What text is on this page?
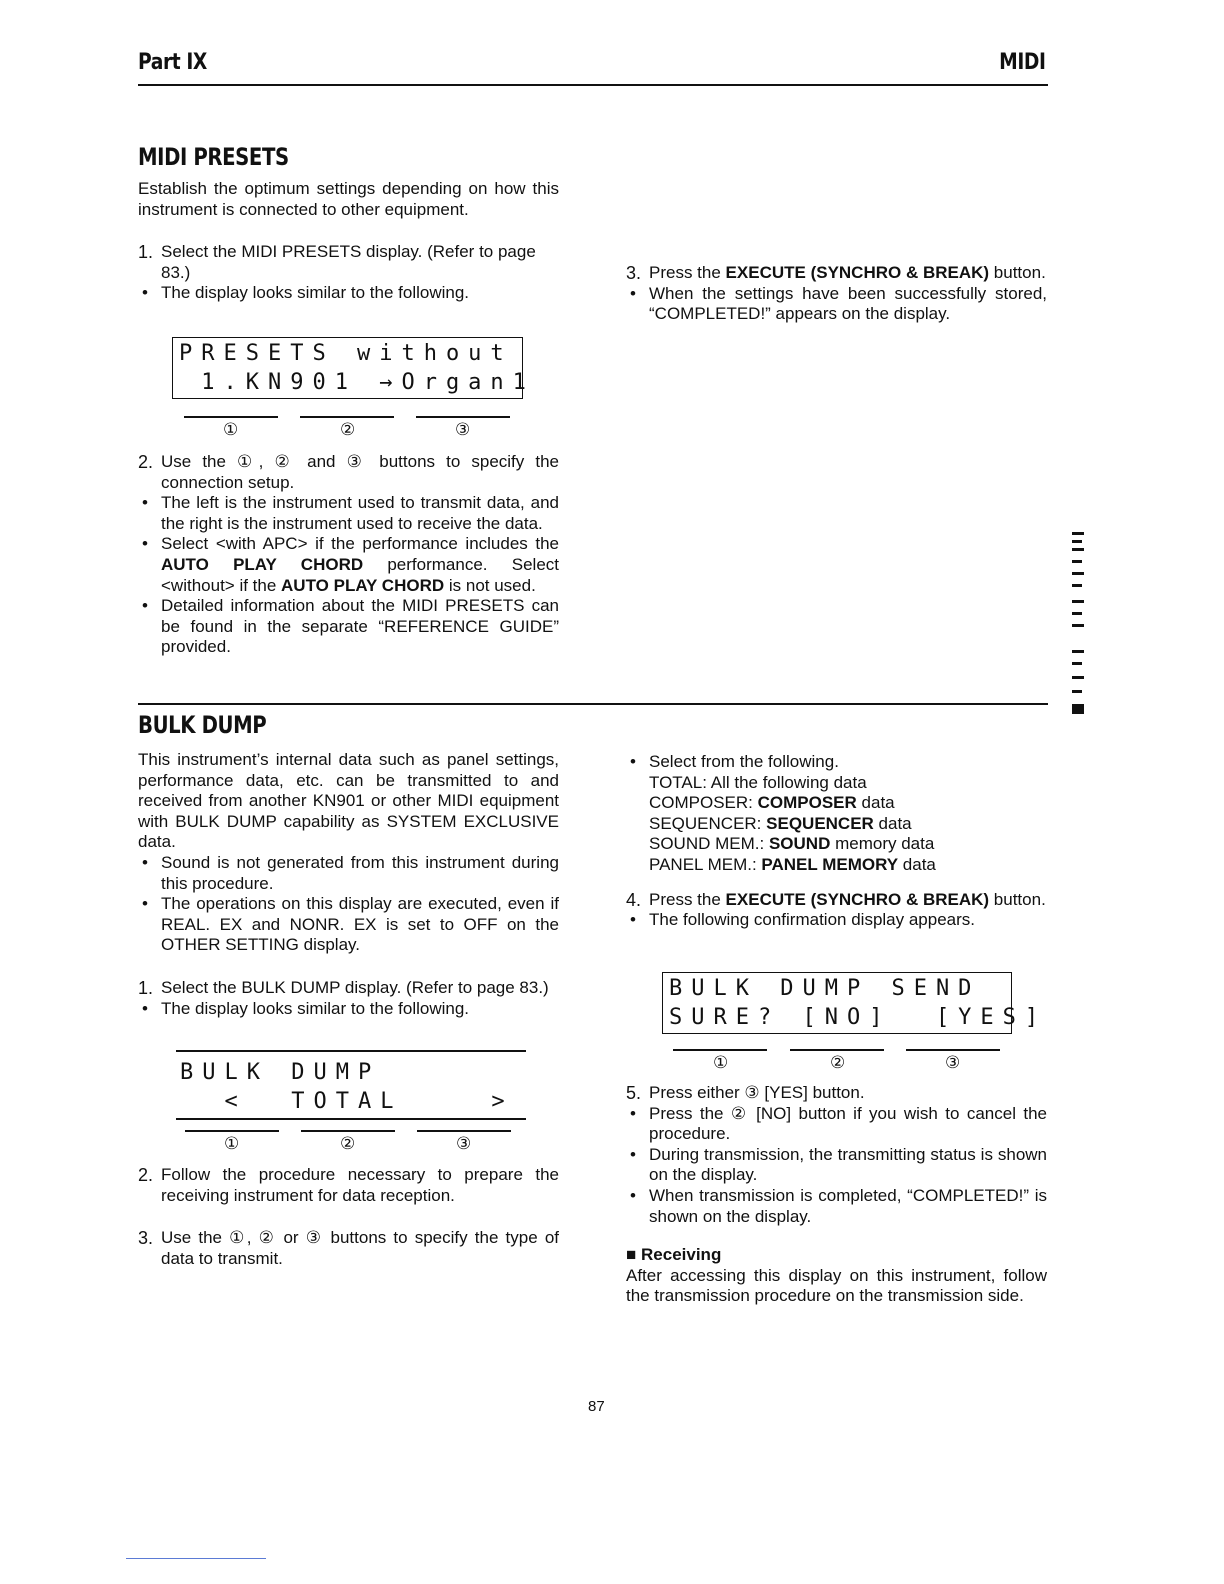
Part IX	MIDI
MIDI PRESETS

Establish the optimum settings depending on how this instrument is connected to other equipment.

1. Select the MIDI PRESETS display. (Refer to page 83.)

• The display looks similar to the following.

PRESETS without
1.KN901 →Organ1
①	②	③
2. Use the ①, ② and ③ buttons to specify the connection setup.

• The left is the instrument used to transmit data, and the right is the instrument used to receive the data.

• Select <with APC> if the performance includes the AUTO PLAY CHORD performance. Select <without> if the AUTO PLAY CHORD is not used.

• Detailed information about the MIDI PRESETS can be found in the separate “REFERENCE GUIDE” provided.

3. Press the EXECUTE (SYNCHRO & BREAK) button.

• When the settings have been successfully stored, “COMPLETED!” appears on the display.

BULK DUMP

This instrument’s internal data such as panel settings, performance data, etc. can be transmitted to and received from another KN901 or other MIDI equipment with BULK DUMP capability as SYSTEM EXCLUSIVE data.

• Sound is not generated from this instrument during this procedure.

• The operations on this display are executed, even if REAL. EX and NONR. EX is set to OFF on the OTHER SETTING display.

1. Select the BULK DUMP display. (Refer to page 83.)

• The display looks similar to the following.

BULK DUMP
<  TOTAL    >
①	②	③
2. Follow the procedure necessary to prepare the receiving instrument for data reception.
3. Use the ①, ② or ③ buttons to specify the type of data to transmit.

• Select from the following.

TOTAL: All the following data
COMPOSER: COMPOSER data
SEQUENCER: SEQUENCER data
SOUND MEM.: SOUND memory data
PANEL MEM.: PANEL MEMORY data
4. Press the EXECUTE (SYNCHRO & BREAK) button.

• The following confirmation display appears.

BULK DUMP SEND
SURE? [NO]  [YES]
①	②	③
5. Press either ③ [YES] button.

• Press the ② [NO] button if you wish to cancel the procedure.

• During transmission, the transmitting status is shown on the display.

• When transmission is completed, “COMPLETED!” is shown on the display.

■ Receiving

After accessing this display on this instrument, follow the transmission procedure on the transmission side.

87
